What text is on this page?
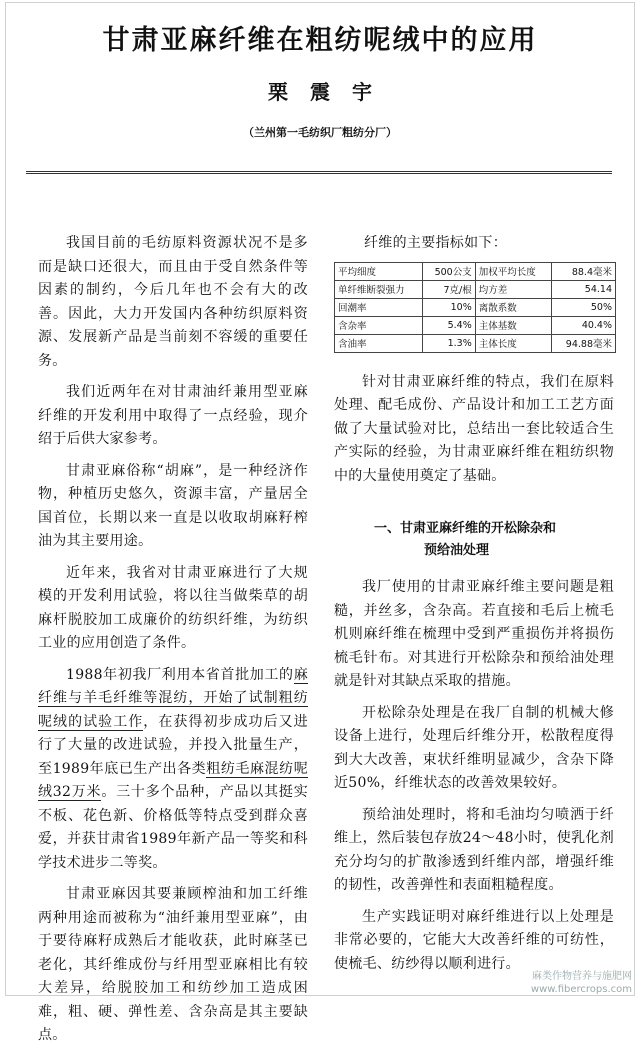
甘肃亚麻纤维在粗纺呢绒中的应用
栗震宇
（兰州第一毛纺织厂粗纺分厂）

我国目前的毛纺原料资源状况不是多而是缺口还很大，而且由于受自然条件等因素的制约，今后几年也不会有大的改善。因此，大力开发国内各种纺织原料资源、发展新产品是当前刻不容缓的重要任务。

我们近两年在对甘肃油纤兼用型亚麻纤维的开发利用中取得了一点经验，现介绍于后供大家参考。

甘肃亚麻俗称“胡麻”，是一种经济作物，种植历史悠久，资源丰富，产量居全国首位，长期以来一直是以收取胡麻籽榨油为其主要用途。

近年来，我省对甘肃亚麻进行了大规模的开发利用试验，将以往当做柴草的胡麻杆脱胶加工成廉价的纺织纤维，为纺织工业的应用创造了条件。

1988年初我厂利用本省首批加工的麻纤维与羊毛纤维等混纺，开始了试制粗纺呢绒的试验工作，在获得初步成功后又进行了大量的改进试验，并投入批量生产，至1989年底已生产出各类粗纺毛麻混纺呢绒32万米。三十多个品种，产品以其挺实不板、花色新、价格低等特点受到群众喜爱，并获甘肃省1989年新产品一等奖和科学技术进步二等奖。

甘肃亚麻因其要兼顾榨油和加工纤维两种用途而被称为“油纤兼用型亚麻”，由于要待麻籽成熟后才能收获，此时麻茎已老化，其纤维成份与纤用型亚麻相比有较大差异，给脱胶加工和纺纱加工造成困难，粗、硬、弹性差、含杂高是其主要缺点。

纤维的主要指标如下：

平均细度	500公支	加权平均长度	88.4毫米
单纤维断裂强力	7克/根	均方差	54.14
回潮率	10%	离散系数	50%
含杂率	5.4%	主体基数	40.4%
含油率	1.3%	主体长度	94.88毫米

针对甘肃亚麻纤维的特点，我们在原料处理、配毛成份、产品设计和加工工艺方面做了大量试验对比，总结出一套比较适合生产实际的经验，为甘肃亚麻纤维在粗纺织物中的大量使用奠定了基础。

一、甘肃亚麻纤维的开松除杂和
预给油处理

我厂使用的甘肃亚麻纤维主要问题是粗糙，并丝多，含杂高。若直接和毛后上梳毛机则麻纤维在梳理中受到严重损伤并将损伤梳毛针布。对其进行开松除杂和预给油处理就是针对其缺点采取的措施。

开松除杂处理是在我厂自制的机械大修设备上进行，处理后纤维分开，松散程度得到大大改善，束状纤维明显减少，含杂下降近50%，纤维状态的改善效果较好。

预给油处理时，将和毛油均匀喷洒于纤维上，然后装包存放24～48小时，使乳化剂充分均匀的扩散渗透到纤维内部，增强纤维的韧性，改善弹性和表面粗糙程度。

生产实践证明对麻纤维进行以上处理是非常必要的，它能大大改善纤维的可纺性，使梳毛、纺纱得以顺利进行。

麻类作物营养与施肥网
www.fibercrops.com
